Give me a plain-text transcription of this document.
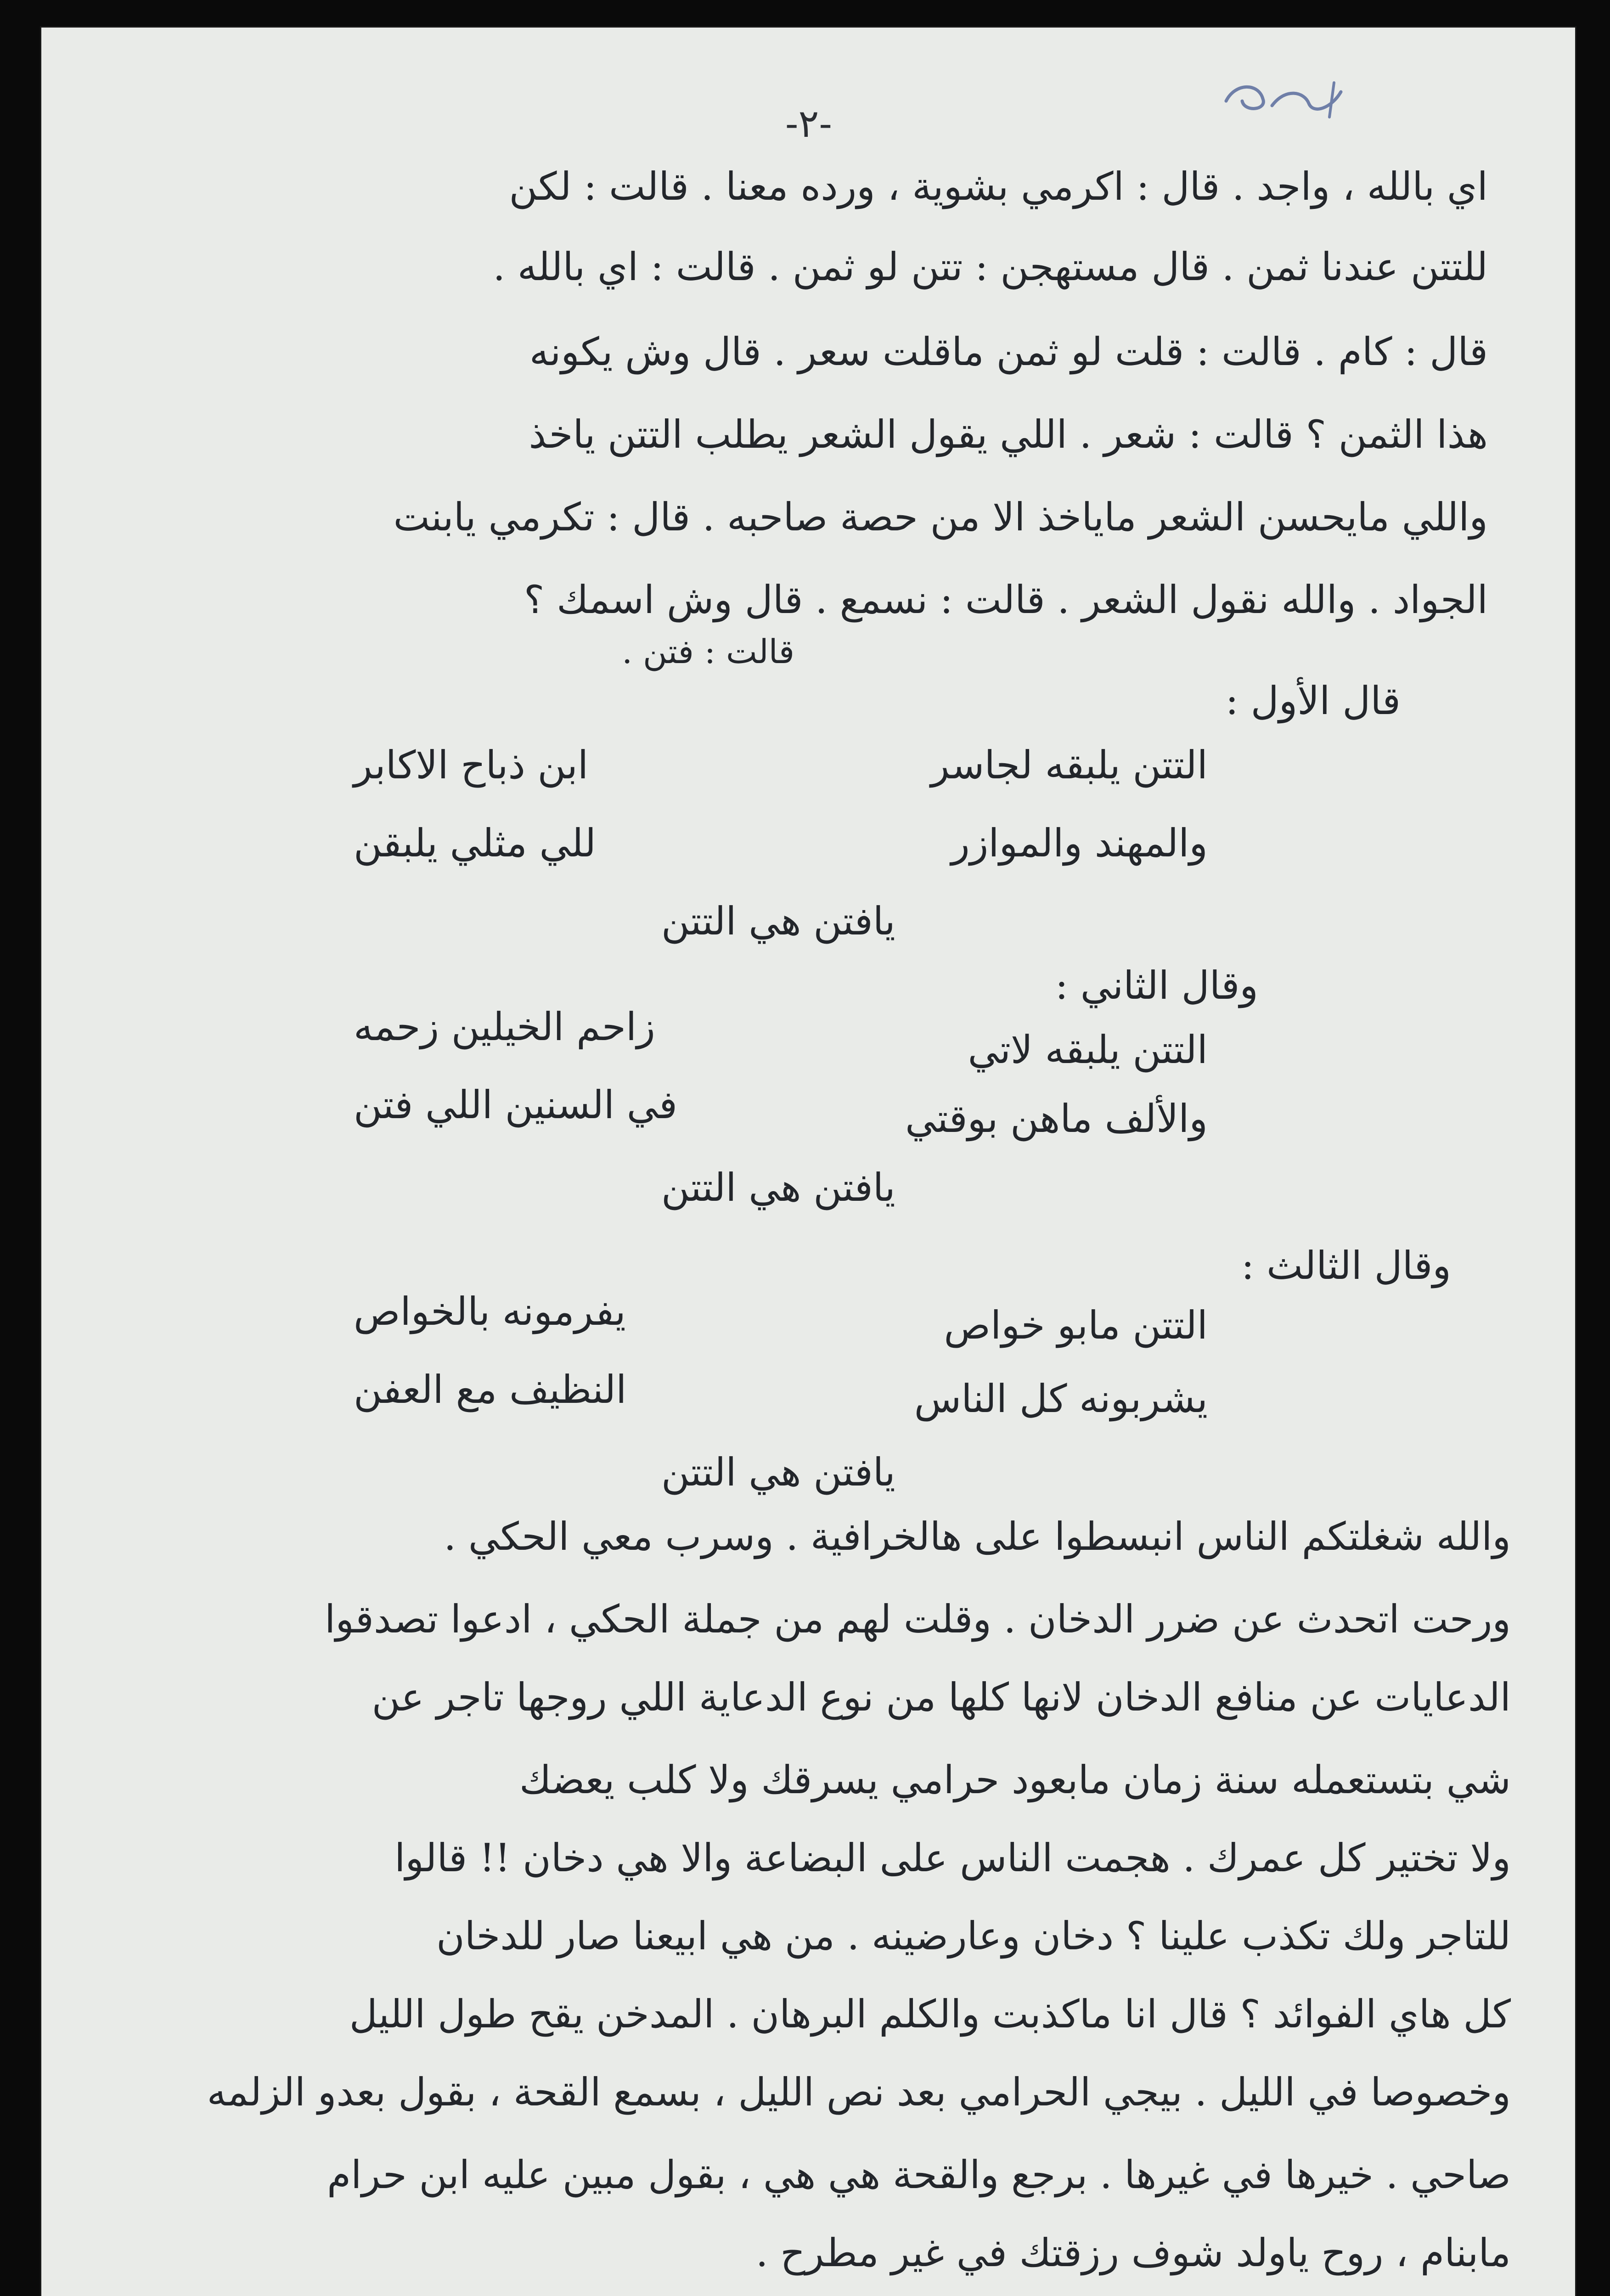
-٢-
اي بالله ، واجد . قال : اكرمي بشوية ، ورده معنا . قالت : لكن
للتتن عندنا ثمن . قال مستهجن : تتن لو ثمن . قالت : اي بالله .
قال : كام . قالت : قلت لو ثمن ماقلت سعر . قال وش يكونه
هذا الثمن ؟ قالت : شعر . اللي يقول الشعر يطلب التتن ياخذ
واللي مايحسن الشعر ماياخذ الا من حصة صاحبه . قال : تكرمي يابنت
الجواد . والله نقول الشعر . قالت : نسمع . قال وش اسمك ؟
قالت : فتن .
قال الأول :
التتن يلبقه لجاسر
ابن ذباح الاكابر
والمهند والموازر
للي مثلي يلبقن
يافتن هي التتن
وقال الثاني :
التتن يلبقه لاتي
زاحم الخيلين زحمه
والألف ماهن بوقتي
في السنين اللي فتن
يافتن هي التتن
وقال الثالث :
التتن مابو خواص
يفرمونه بالخواص
يشربونه كل الناس
النظيف مع العفن
يافتن هي التتن
والله شغلتكم الناس انبسطوا على هالخرافية . وسرب معي الحكي .
ورحت اتحدث عن ضرر الدخان . وقلت لهم من جملة الحكي ، ادعوا تصدقوا
الدعايات عن منافع الدخان لانها كلها من نوع الدعاية اللي روجها تاجر عن
شي بتستعمله سنة زمان مابعود حرامي يسرقك ولا كلب يعضك
ولا تختير كل عمرك . هجمت الناس على البضاعة والا هي دخان !! قالوا
للتاجر ولك تكذب علينا ؟ دخان وعارضينه . من هي ابيعنا صار للدخان
كل هاي الفوائد ؟ قال انا ماكذبت والكلم البرهان . المدخن يقح طول الليل
وخصوصا في الليل . بيجي الحرامي بعد نص الليل ، بسمع القحة ، بقول بعدو الزلمه
صاحي . خيرها في غيرها . برجع والقحة هي هي ، بقول مبين عليه ابن حرام
مابنام ، روح ياولد شوف رزقتك في غير مطرح .
